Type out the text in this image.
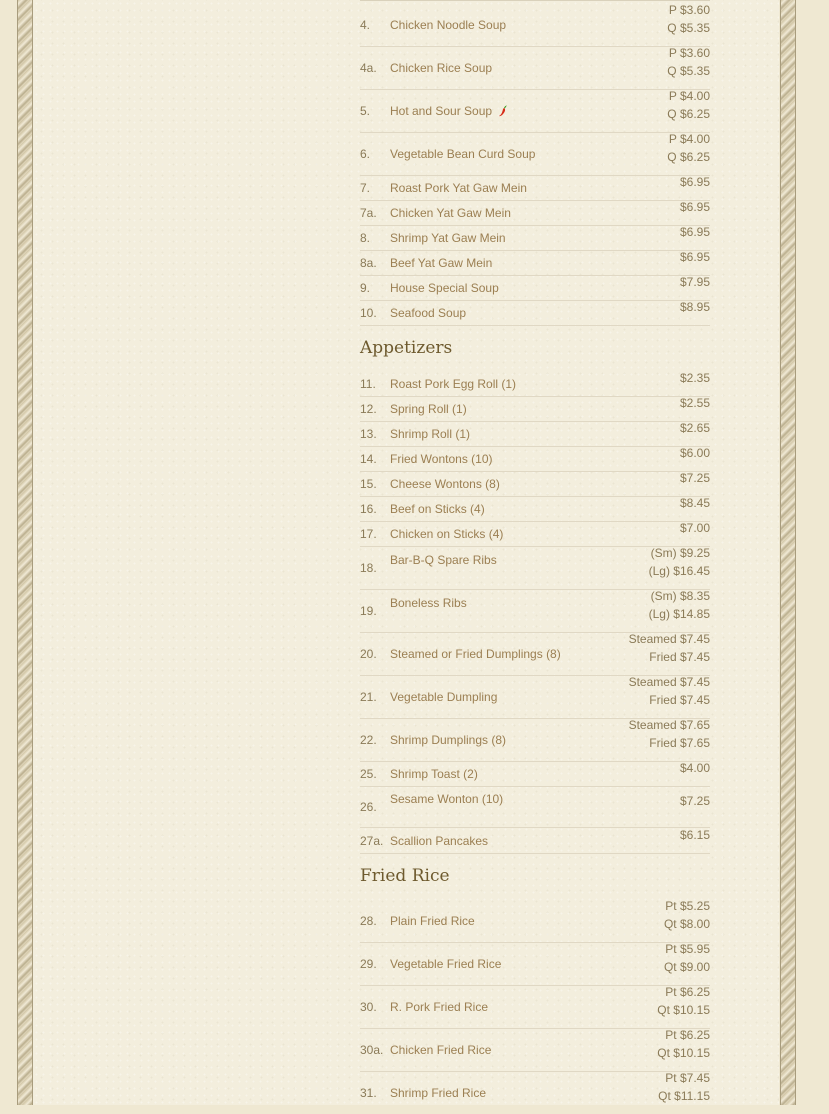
4. Chicken Noodle Soup
P $3.60
Q $5.35
4a. Chicken Rice Soup
P $3.60
Q $5.35
5. Hot and Sour Soup
P $4.00
Q $6.25
6. Vegetable Bean Curd Soup
P $4.00
Q $6.25
7. Roast Pork Yat Gaw Mein	$6.95
7a. Chicken Yat Gaw Mein	$6.95
8. Shrimp Yat Gaw Mein	$6.95
8a. Beef Yat Gaw Mein	$6.95
9. House Special Soup	$7.95
10. Seafood Soup	$8.95
Appetizers
11. Roast Pork Egg Roll (1)	$2.35
12. Spring Roll (1)	$2.55
13. Shrimp Roll (1)	$2.65
14. Fried Wontons (10)	$6.00
15. Cheese Wontons (8)	$7.25
16. Beef on Sticks (4)	$8.45
17. Chicken on Sticks (4)	$7.00
18.
Bar-B-Q Spare Ribs	(Sm) $9.25
(Lg) $16.45
19.
Boneless Ribs	(Sm) $8.35
(Lg) $14.85
20. Steamed or Fried Dumplings (8)
Steamed $7.45
Fried $7.45
21. Vegetable Dumpling
Steamed $7.45
Fried $7.45
22. Shrimp Dumplings (8)
Steamed $7.65
Fried $7.65
25. Shrimp Toast (2)	$4.00
26.
Sesame Wonton (10)	$7.25
27a. Scallion Pancakes	$6.15
Fried Rice
28. Plain Fried Rice
Pt $5.25
Qt $8.00
29. Vegetable Fried Rice
Pt $5.95
Qt $9.00
30. R. Pork Fried Rice
Pt $6.25
Qt $10.15
30a. Chicken Fried Rice
Pt $6.25
Qt $10.15
31. Shrimp Fried Rice
Pt $7.45
Qt $11.15
